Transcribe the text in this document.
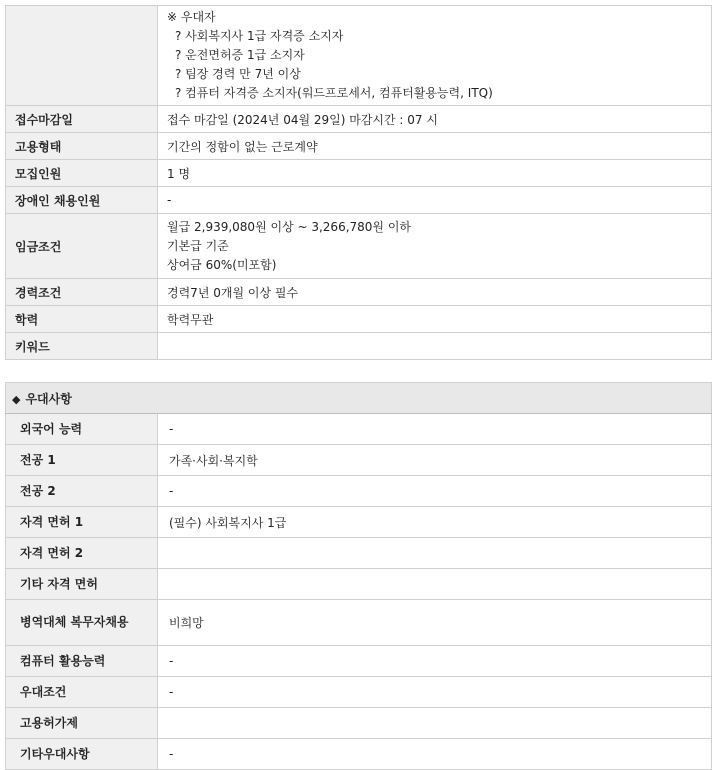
	※ 우대자
? 사회복지사 1급 자격증 소지자
? 운전면허증 1급 소지자
? 팀장 경력 만 7년 이상
? 컴퓨터 자격증 소지자(워드프로세서, 컴퓨터활용능력, ITQ)

접수마감일	접수 마감일 (2024년 04월 29일) 마감시간 : 07 시
고용형태	기간의 정함이 없는 근로계약
모집인원	1 명
장애인 채용인원	-
임금조건	월급 2,939,080원 이상 ~ 3,266,780원 이하
기본급 기준
상여금 60%(미포함)

경력조건	경력7년 0개월 이상 필수
학력	학력무관
키워드	
◆ 우대사항	
외국어 능력	-
전공 1	가족·사회·복지학
전공 2	-
자격 면허 1	(필수) 사회복지사 1급
자격 면허 2	
기타 자격 면허	
병역대체 복무자채용	비희망
컴퓨터 활용능력	-
우대조건	-
고용허가제	
기타우대사항	-
